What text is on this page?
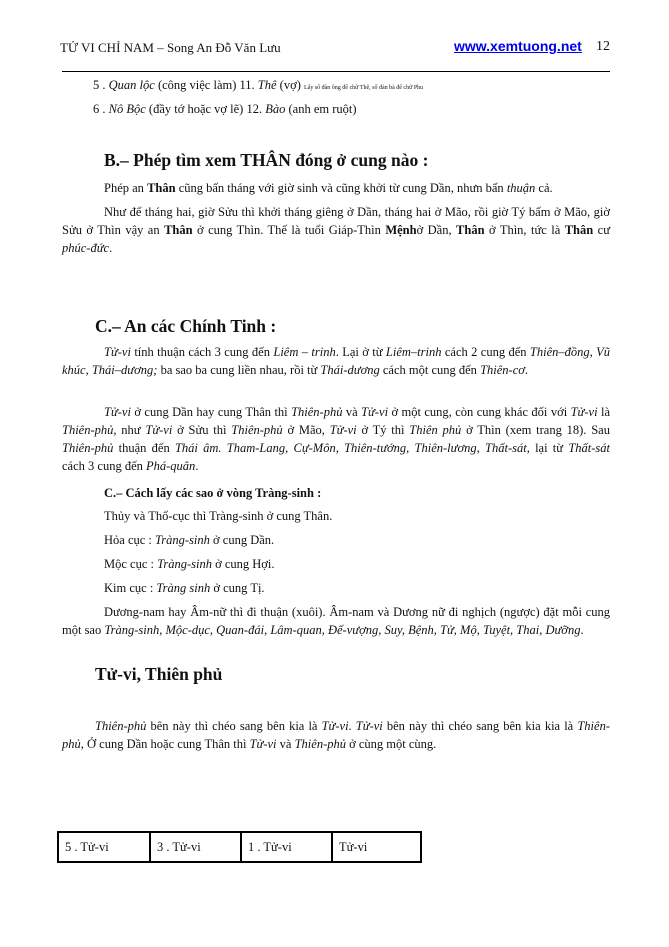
TỬ VI CHỈ NAM – Song An Đỗ Văn Lưu	www.xemtuong.net 12
5 . Quan lộc (công việc làm) 11. Thê (vợ) Lấy số đàn ông để chữ Thê, số đàn bà để chữ Phu
6 . Nô Bộc (đầy tớ hoặc vợ lẽ) 12. Bào (anh em ruột)
B.– Phép tìm xem THÂN đóng ở cung nào :
Phép an Thân cũng bấn tháng với giờ sinh và cũng khởi từ cung Dần, nhưn bấn thuận cả.
Như để tháng hai, giờ Sửu thì khởi tháng giêng ở Dần, tháng hai ở Mão, rồi giờ Tý bấm ở Mão, giờ Sửu ở Thìn vậy an Thân ở cung Thìn. Thế là tuổi Giáp-Thìn Mệnhở Dần, Thân ở Thìn, tức là Thân cư phúc-đức.
C.– An các Chính Tinh :
Tử-vi tính thuận cách 3 cung đến Liêm – trinh. Lại ở từ Liêm–trinh cách 2 cung đến Thiên–đồng, Vũ khúc, Thái–dương; ba sao ba cung liền nhau, rồi từ Thái-dương cách một cung đến Thiên-cơ.
Tử-vi ở cung Dần hay cung Thân thì Thiên-phủ và Tử-vi ở một cung, còn cung khác đối với Tử-vi là Thiên-phủ, như Tử-vi ở Sửu thì Thiên-phủ ở Mão, Tử-vi ở Tý thì Thiên phủ ở Thìn (xem trang 18). Sau Thiên-phủ thuận đến Thái âm. Tham-Lang, Cự-Môn, Thiên-tướng, Thiên-lương, Thất-sát, lại từ Thất-sát cách 3 cung đến Phá-quân.
C.– Cách lấy các sao ở vòng Tràng-sinh :
Thủy và Thổ-cục thì Tràng-sinh ở cung Thân.
Hỏa cục : Tràng-sinh ở cung Dần.
Mộc cục : Tràng-sinh ở cung Hợi.
Kim cục : Tràng sinh ở cung Tị.
Dương-nam hay Âm-nữ thì đi thuận (xuôi). Âm-nam và Dương nữ đi nghịch (ngược) đặt mỗi cung một sao Tràng-sinh, Mộc-dục, Quan-đái, Lâm-quan, Đế-vượng, Suy, Bệnh, Tử, Mộ, Tuyệt, Thai, Dưỡng.
Tử-vi, Thiên phủ
Thiên-phủ bên này thì chéo sang bên kia là Tử-vi. Tử-vi bên này thì chéo sang bên kia kia là Thiên-phủ, Ở cung Dần hoặc cung Thân thì Tử-vi và Thiên-phủ ở cùng một cùng.
5 . Tử-vi	3 . Tử-vi	1 . Tử-vi	Tử-vi
